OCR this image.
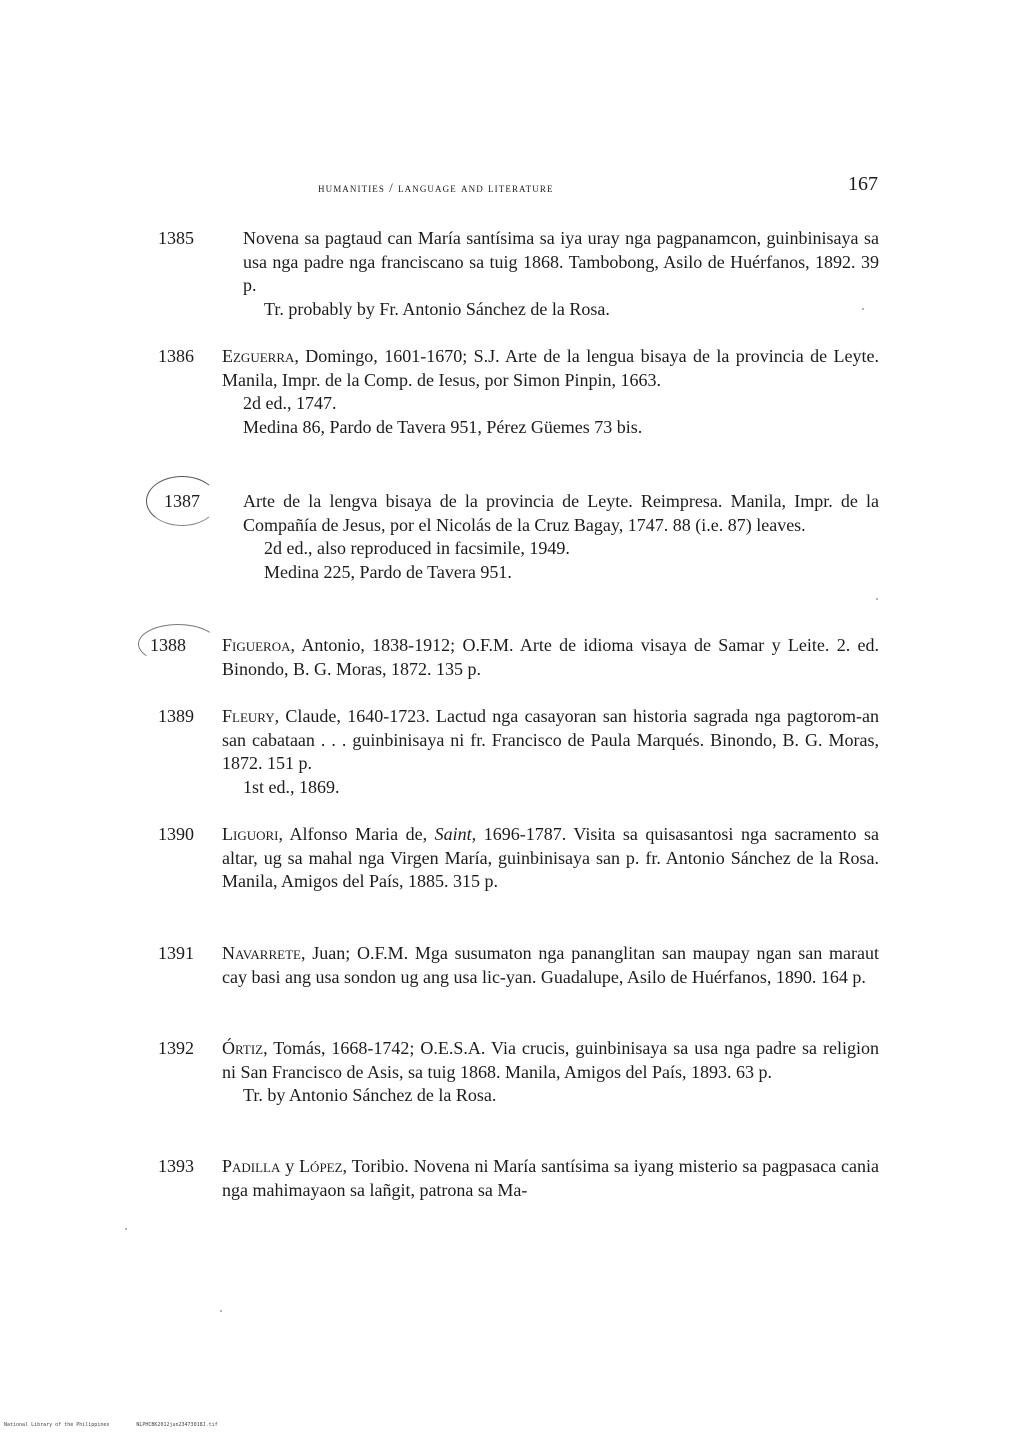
humanities / language and literature	167
1385	Novena sa pagtaud can María santísima sa iya uray nga pagpanamcon, guinbinisaya sa usa nga padre nga franciscano sa tuig 1868. Tambobong, Asilo de Huérfanos, 1892. 39 p.

Tr. probably by Fr. Antonio Sánchez de la Rosa.

1386	Ezguerra, Domingo, 1601-1670; S.J. Arte de la lengua bisaya de la provincia de Leyte. Manila, Impr. de la Comp. de Iesus, por Simon Pinpin, 1663.

2d ed., 1747.

Medina 86, Pardo de Tavera 951, Pérez Güemes 73 bis.

1387	Arte de la lengva bisaya de la provincia de Leyte. Reimpresa. Manila, Impr. de la Compañía de Jesus, por el Nicolás de la Cruz Bagay, 1747. 88 (i.e. 87) leaves.

2d ed., also reproduced in facsimile, 1949.

Medina 225, Pardo de Tavera 951.

1388	Figueroa, Antonio, 1838-1912; O.F.M. Arte de idioma visaya de Samar y Leite. 2. ed. Binondo, B. G. Moras, 1872. 135 p.

1389	Fleury, Claude, 1640-1723. Lactud nga casayoran san historia sagrada nga pagtorom-an san cabataan . . . guinbinisaya ni fr. Francisco de Paula Marqués. Binondo, B. G. Moras, 1872. 151 p.

1st ed., 1869.

1390	Liguori, Alfonso Maria de, Saint, 1696-1787. Visita sa quisasantosi nga sacramento sa altar, ug sa mahal nga Virgen María, guinbinisaya san p. fr. Antonio Sánchez de la Rosa. Manila, Amigos del País, 1885. 315 p.

1391	Navarrete, Juan; O.F.M. Mga susumaton nga pananglitan san maupay ngan san maraut cay basi ang usa sondon ug ang usa lic-yan. Guadalupe, Asilo de Huérfanos, 1890. 164 p.

1392	Órtiz, Tomás, 1668-1742; O.E.S.A. Via crucis, guinbinisaya sa usa nga padre sa religion ni San Francisco de Asis, sa tuig 1868. Manila, Amigos del País, 1893. 63 p.

Tr. by Antonio Sánchez de la Rosa.

1393	Padilla y López, Toribio. Novena ni María santísima sa iyang misterio sa pagpasaca cania nga mahimayaon sa lañgit, patrona sa Ma-

National Library of the Philippines	NLPHCBK2012jun23473018J.tif
